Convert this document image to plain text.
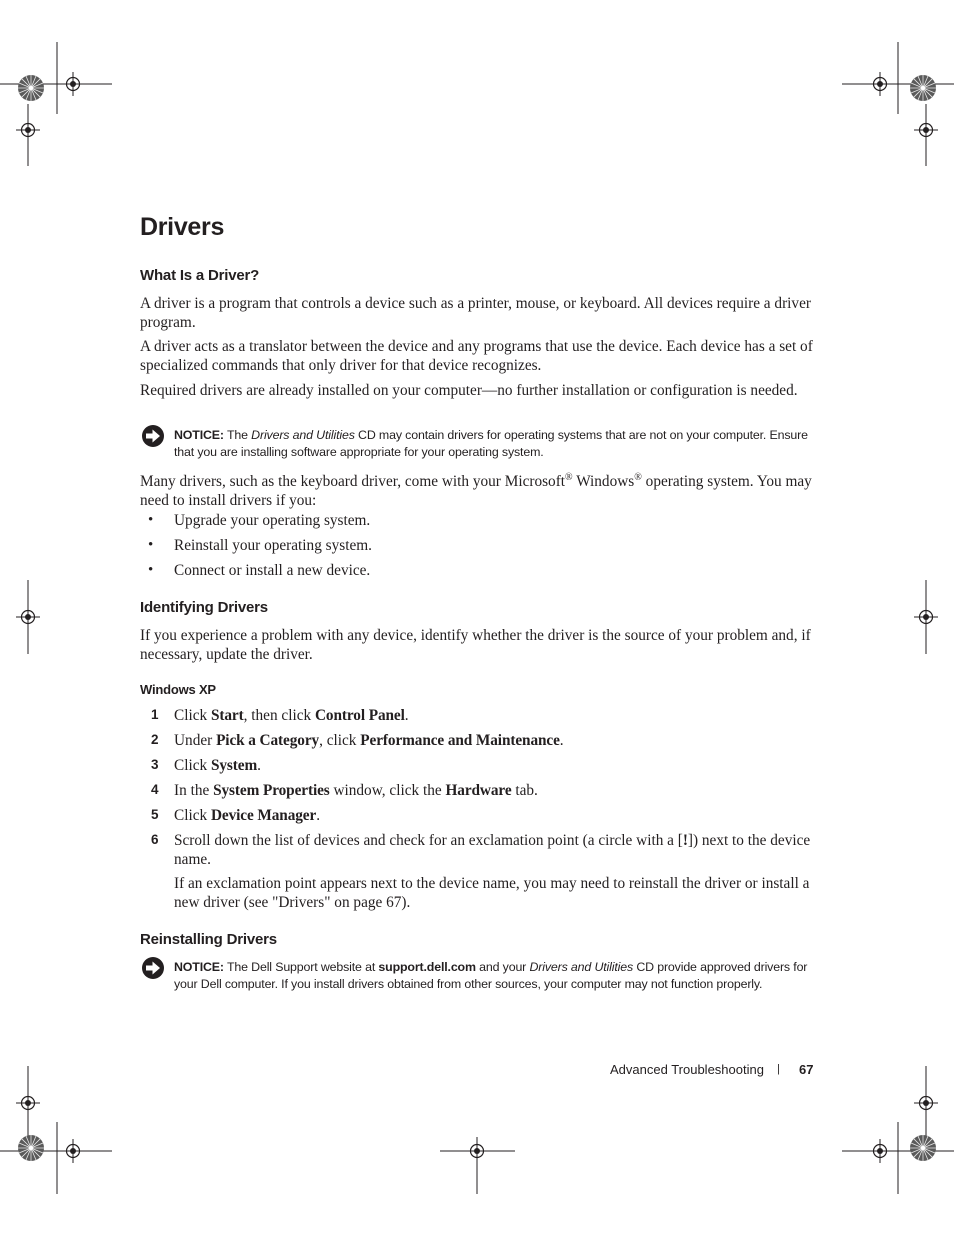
Drivers
What Is a Driver?
A driver is a program that controls a device such as a printer, mouse, or keyboard. All devices require a driver program.
A driver acts as a translator between the device and any programs that use the device. Each device has a set of specialized commands that only driver for that device recognizes.
Required drivers are already installed on your computer—no further installation or configuration is needed.
NOTICE: The Drivers and Utilities CD may contain drivers for operating systems that are not on your computer. Ensure that you are installing software appropriate for your operating system.
Many drivers, such as the keyboard driver, come with your Microsoft® Windows® operating system. You may need to install drivers if you:
• Upgrade your operating system.
• Reinstall your operating system.
• Connect or install a new device.
Identifying Drivers
If you experience a problem with any device, identify whether the driver is the source of your problem and, if necessary, update the driver.
Windows XP
1 Click Start, then click Control Panel.
2 Under Pick a Category, click Performance and Maintenance.
3 Click System.
4 In the System Properties window, click the Hardware tab.
5 Click Device Manager.
6 Scroll down the list of devices and check for an exclamation point (a circle with a [!]) next to the device name.
If an exclamation point appears next to the device name, you may need to reinstall the driver or install a new driver (see "Drivers" on page 67).
Reinstalling Drivers
NOTICE: The Dell Support website at support.dell.com and your Drivers and Utilities CD provide approved drivers for your Dell computer. If you install drivers obtained from other sources, your computer may not function properly.
Advanced Troubleshooting | 67
